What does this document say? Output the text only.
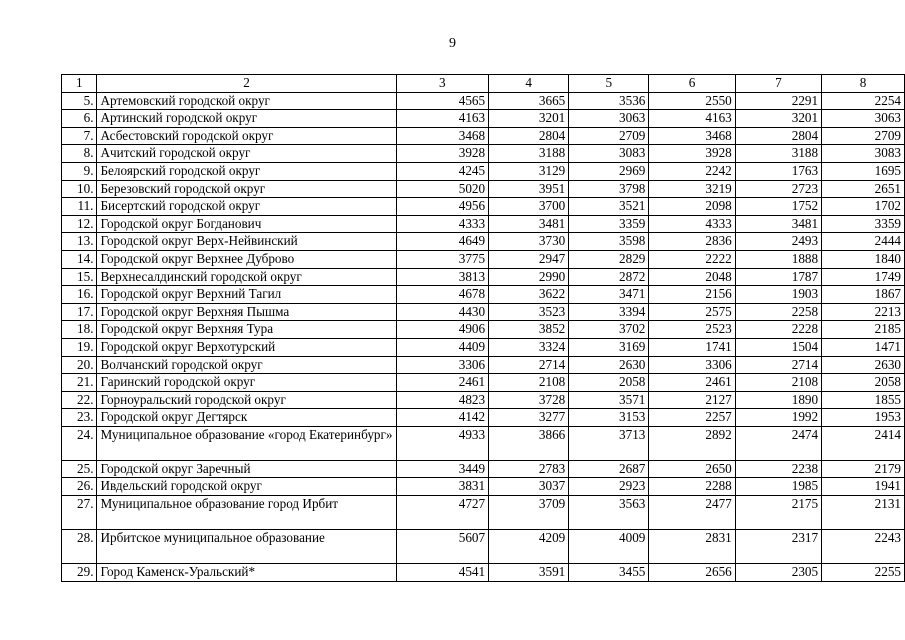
9
1	2	3	4	5	6	7	8
5.	Артемовский городской округ	4565	3665	3536	2550	2291	2254
6.	Артинский городской округ	4163	3201	3063	4163	3201	3063
7.	Асбестовский городской округ	3468	2804	2709	3468	2804	2709
8.	Ачитский городской округ	3928	3188	3083	3928	3188	3083
9.	Белоярский городской округ	4245	3129	2969	2242	1763	1695
10.	Березовский городской округ	5020	3951	3798	3219	2723	2651
11.	Бисертский городской округ	4956	3700	3521	2098	1752	1702
12.	Городской округ Богданович	4333	3481	3359	4333	3481	3359
13.	Городской округ Верх-Нейвинский	4649	3730	3598	2836	2493	2444
14.	Городской округ Верхнее Дуброво	3775	2947	2829	2222	1888	1840
15.	Верхнесалдинский городской округ	3813	2990	2872	2048	1787	1749
16.	Городской округ Верхний Тагил	4678	3622	3471	2156	1903	1867
17.	Городской округ Верхняя Пышма	4430	3523	3394	2575	2258	2213
18.	Городской округ Верхняя Тура	4906	3852	3702	2523	2228	2185
19.	Городской округ Верхотурский	4409	3324	3169	1741	1504	1471
20.	Волчанский городской округ	3306	2714	2630	3306	2714	2630
21.	Гаринский городской округ	2461	2108	2058	2461	2108	2058
22.	Горноуральский городской округ	4823	3728	3571	2127	1890	1855
23.	Городской округ Дегтярск	4142	3277	3153	2257	1992	1953
24.	Муниципальное образование «город Екатеринбург»	4933	3866	3713	2892	2474	2414
25.	Городской округ Заречный	3449	2783	2687	2650	2238	2179
26.	Ивдельский городской округ	3831	3037	2923	2288	1985	1941
27.	Муниципальное образование город Ирбит	4727	3709	3563	2477	2175	2131
28.	Ирбитское муниципальное образование	5607	4209	4009	2831	2317	2243
29.	Город Каменск-Уральский*	4541	3591	3455	2656	2305	2255
